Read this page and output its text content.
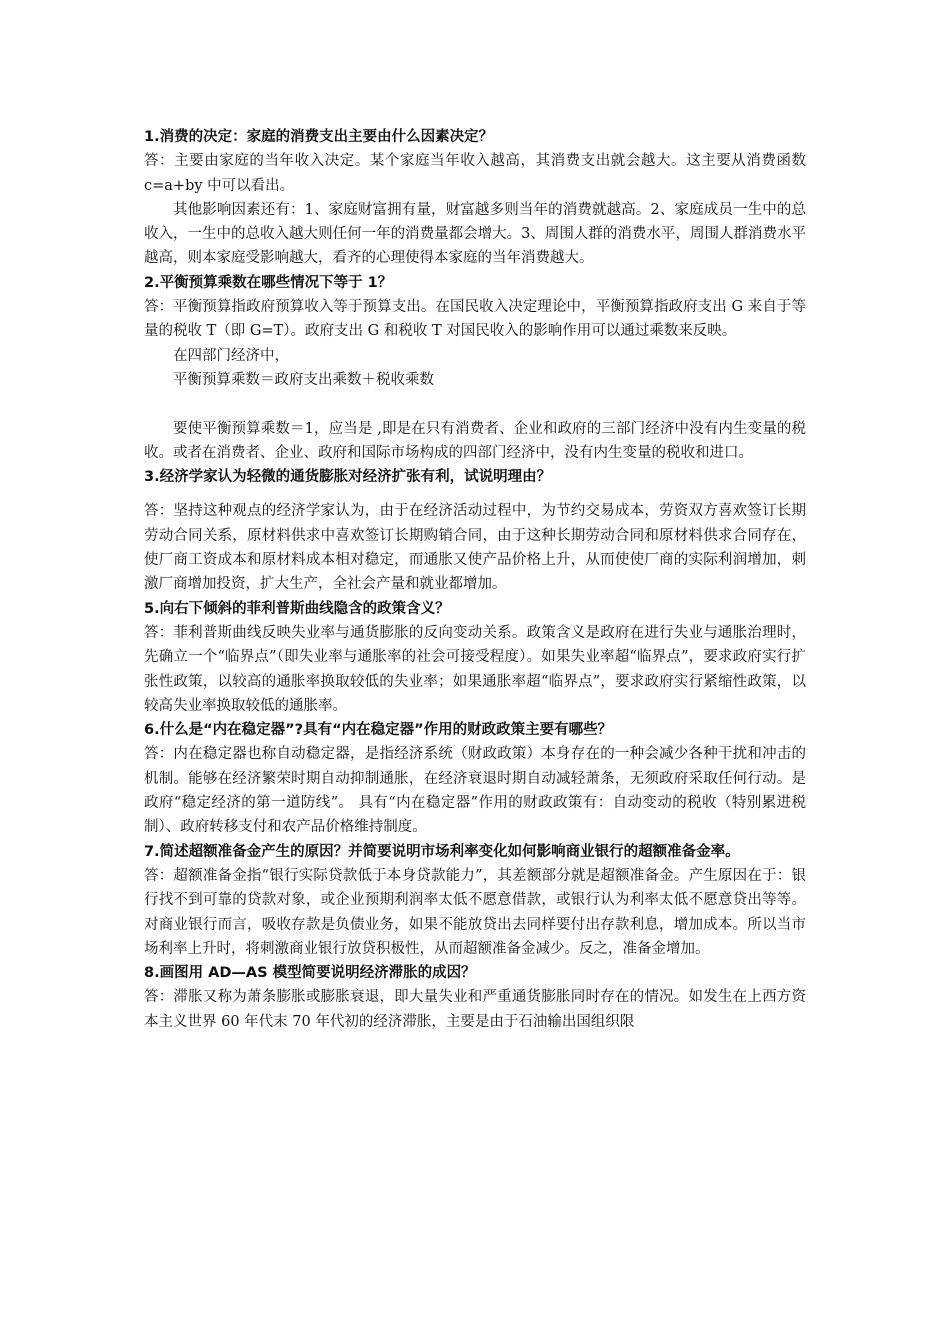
1.消费的决定：家庭的消费支出主要由什么因素决定？

答：主要由家庭的当年收入决定。某个家庭当年收入越高，其消费支出就会越大。这主要从消费函数 c=a+by 中可以看出。

其他影响因素还有：1、家庭财富拥有量，财富越多则当年的消费就越高。2、家庭成员一生中的总收入，一生中的总收入越大则任何一年的消费量都会增大。3、周围人群的消费水平，周围人群消费水平越高，则本家庭受影响越大，看齐的心理使得本家庭的当年消费越大。

2.平衡预算乘数在哪些情况下等于 1？

答：平衡预算指政府预算收入等于预算支出。在国民收入决定理论中，平衡预算指政府支出 G 来自于等量的税收 T（即 G=T）。政府支出 G 和税收 T 对国民收入的影响作用可以通过乘数来反映。

在四部门经济中，

平衡预算乘数＝政府支出乘数＋税收乘数

要使平衡预算乘数＝1，应当是 ,即是在只有消费者、企业和政府的三部门经济中没有内生变量的税收。或者在消费者、企业、政府和国际市场构成的四部门经济中，没有内生变量的税收和进口。

3.经济学家认为轻微的通货膨胀对经济扩张有利，试说明理由？

答：坚持这种观点的经济学家认为，由于在经济活动过程中，为节约交易成本，劳资双方喜欢签订长期劳动合同关系，原材料供求中喜欢签订长期购销合同，由于这种长期劳动合同和原材料供求合同存在，使厂商工资成本和原材料成本相对稳定，而通胀又使产品价格上升，从而使使厂商的实际利润增加，刺激厂商增加投资，扩大生产，全社会产量和就业都增加。

5.向右下倾斜的菲利普斯曲线隐含的政策含义？

答：菲利普斯曲线反映失业率与通货膨胀的反向变动关系。政策含义是政府在进行失业与通胀治理时，先确立一个“临界点”（即失业率与通胀率的社会可接受程度）。如果失业率超“临界点”，要求政府实行扩张性政策，以较高的通胀率换取较低的失业率；如果通胀率超“临界点”，要求政府实行紧缩性政策，以较高失业率换取较低的通胀率。

6.什么是“内在稳定器”?具有“内在稳定器”作用的财政政策主要有哪些？

答：内在稳定器也称自动稳定器，是指经济系统（财政政策）本身存在的一种会减少各种干扰和冲击的机制。能够在经济繁荣时期自动抑制通胀，在经济衰退时期自动减轻萧条，无须政府采取任何行动。是政府“稳定经济的第一道防线”。 具有“内在稳定器”作用的财政政策有：自动变动的税收（特别累进税制）、政府转移支付和农产品价格维持制度。

7.简述超额准备金产生的原因？并简要说明市场利率变化如何影响商业银行的超额准备金率。

答：超额准备金指“银行实际贷款低于本身贷款能力”，其差额部分就是超额准备金。产生原因在于：银行找不到可靠的贷款对象，或企业预期利润率太低不愿意借款，或银行认为利率太低不愿意贷出等等。对商业银行而言，吸收存款是负债业务，如果不能放贷出去同样要付出存款利息，增加成本。所以当市场利率上升时，将刺激商业银行放贷积极性，从而超额准备金减少。反之，准备金增加。

8.画图用 AD—AS 模型简要说明经济滞胀的成因？

答：滞胀又称为萧条膨胀或膨胀衰退，即大量失业和严重通货膨胀同时存在的情况。如发生在上西方资本主义世界 60 年代末 70 年代初的经济滞胀，主要是由于石油输出国组织限
